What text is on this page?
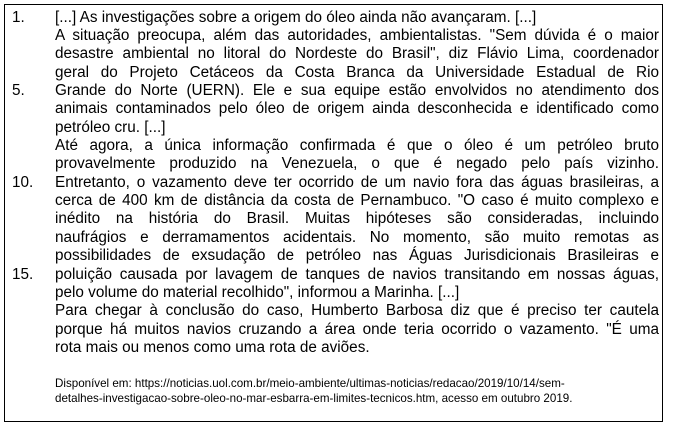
1.
5.
10.
15.
[...] As investigações sobre a origem do óleo ainda não avançaram. [...]
A situação preocupa, além das autoridades, ambientalistas. "Sem dúvida é o maior
desastre ambiental no litoral do Nordeste do Brasil", diz Flávio Lima, coordenador
geral do Projeto Cetáceos da Costa Branca da Universidade Estadual de Rio
Grande do Norte (UERN). Ele e sua equipe estão envolvidos no atendimento dos
animais contaminados pelo óleo de origem ainda desconhecida e identificado como
petróleo cru. [...]
Até agora, a única informação confirmada é que o óleo é um petróleo bruto
provavelmente produzido na Venezuela, o que é negado pelo país vizinho.
Entretanto, o vazamento deve ter ocorrido de um navio fora das águas brasileiras, a
cerca de 400 km de distância da costa de Pernambuco. "O caso é muito complexo e
inédito na história do Brasil. Muitas hipóteses são consideradas, incluindo
naufrágios e derramamentos acidentais. No momento, são muito remotas as
possibilidades de exsudação de petróleo nas Águas Jurisdicionais Brasileiras e
poluição causada por lavagem de tanques de navios transitando em nossas águas,
pelo volume do material recolhido", informou a Marinha. [...]
Para chegar à conclusão do caso, Humberto Barbosa diz que é preciso ter cautela
porque há muitos navios cruzando a área onde teria ocorrido o vazamento. "É uma
rota mais ou menos como uma rota de aviões.
Disponível em: https://noticias.uol.com.br/meio-ambiente/ultimas-noticias/redacao/2019/10/14/sem-
detalhes-investigacao-sobre-oleo-no-mar-esbarra-em-limites-tecnicos.htm, acesso em outubro 2019.
